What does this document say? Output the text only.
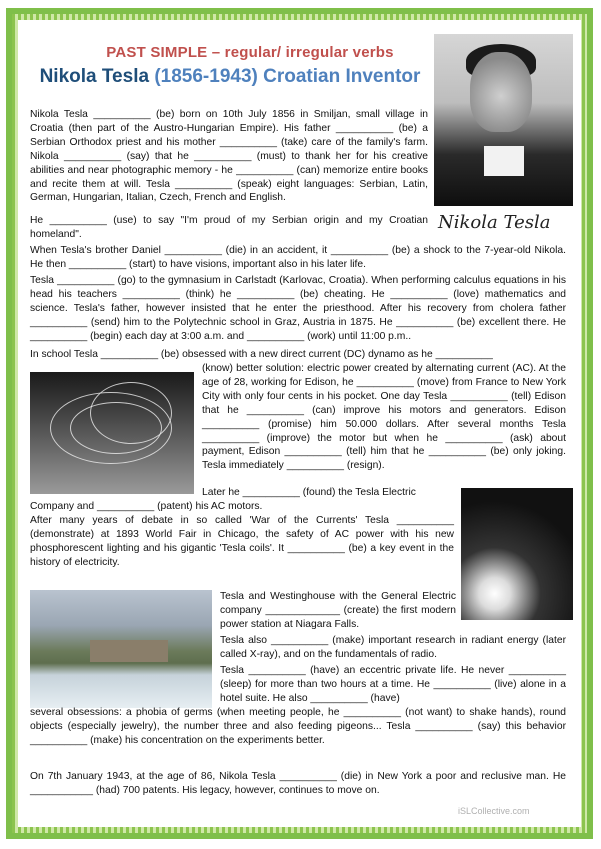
PAST SIMPLE – regular/ irregular verbs
Nikola Tesla (1856-1943) Croatian Inventor
Nikola Tesla
Nikola Tesla __________ (be) born on 10th July 1856 in Smiljan, small village in Croatia (then part of the Austro-Hungarian Empire). His father __________ (be) a Serbian Orthodox priest and his mother __________ (take) care of the family's farm. Nikola __________ (say) that he __________ (must) to thank her for his creative abilities and near photographic memory - he __________ (can) memorize entire books and recite them at will. Tesla __________ (speak) eight languages: Serbian, Latin, German, Hungarian, Italian, Czech, French and English.
He __________ (use) to say "I'm proud of my Serbian origin and my Croatian homeland".
When Tesla's brother Daniel __________ (die) in an accident, it __________ (be) a shock to the 7-year-old Nikola. He then __________ (start) to have visions, important also in his later life.
Tesla __________ (go) to the gymnasium in Carlstadt (Karlovac, Croatia). When performing calculus equations in his head his teachers __________ (think) he __________ (be) cheating. He __________ (love) mathematics and science. Tesla's father, however insisted that he enter the priesthood. After his recovery from cholera father __________ (send) him to the Polytechnic school in Graz, Austria in 1875. He __________ (be) excellent there. He __________ (begin) each day at 3:00 a.m. and __________ (work) until 11:00 p.m..
In school Tesla __________ (be) obsessed with a new direct current (DC) dynamo as he __________
(know) better solution: electric power created by alternating current (AC). At the age of 28, working for Edison, he __________ (move) from France to New York City with only four cents in his pocket. One day Tesla __________ (tell) Edison that he __________ (can) improve his motors and generators. Edison __________ (promise) him 50.000 dollars. After several months Tesla __________ (improve) the motor but when he __________ (ask) about payment, Edison __________ (tell) him that he __________ (be) only joking. Tesla immediately __________ (resign).
Later he __________ (found) the Tesla Electric
Company and __________ (patent) his AC motors.
After many years of debate in so called 'War of the Currents' Tesla __________ (demonstrate) at 1893 World Fair in Chicago, the safety of AC power with his new phosphorescent lighting and his gigantic 'Tesla coils'. It __________ (be) a key event in the history of electricity.
Tesla and Westinghouse with the General Electric company _____________ (create) the first modern power station at Niagara Falls.
Tesla also __________ (make) important research in radiant energy (later called X-ray), and on the fundamentals of radio.
Tesla __________ (have) an eccentric private life. He never __________ (sleep) for more than two hours at a time. He __________ (live) alone in a hotel suite. He also __________ (have)
several obsessions: a phobia of germs (when meeting people, he __________ (not want) to shake hands), round objects (especially jewelry), the number three and also feeding pigeons... Tesla __________ (say) this behavior __________ (make) his concentration on the experiments better.
On 7th January 1943, at the age of 86, Nikola Tesla __________ (die) in New York a poor and reclusive man. He ___________ (had) 700 patents. His legacy, however, continues to move on.
iSLCollective.com
